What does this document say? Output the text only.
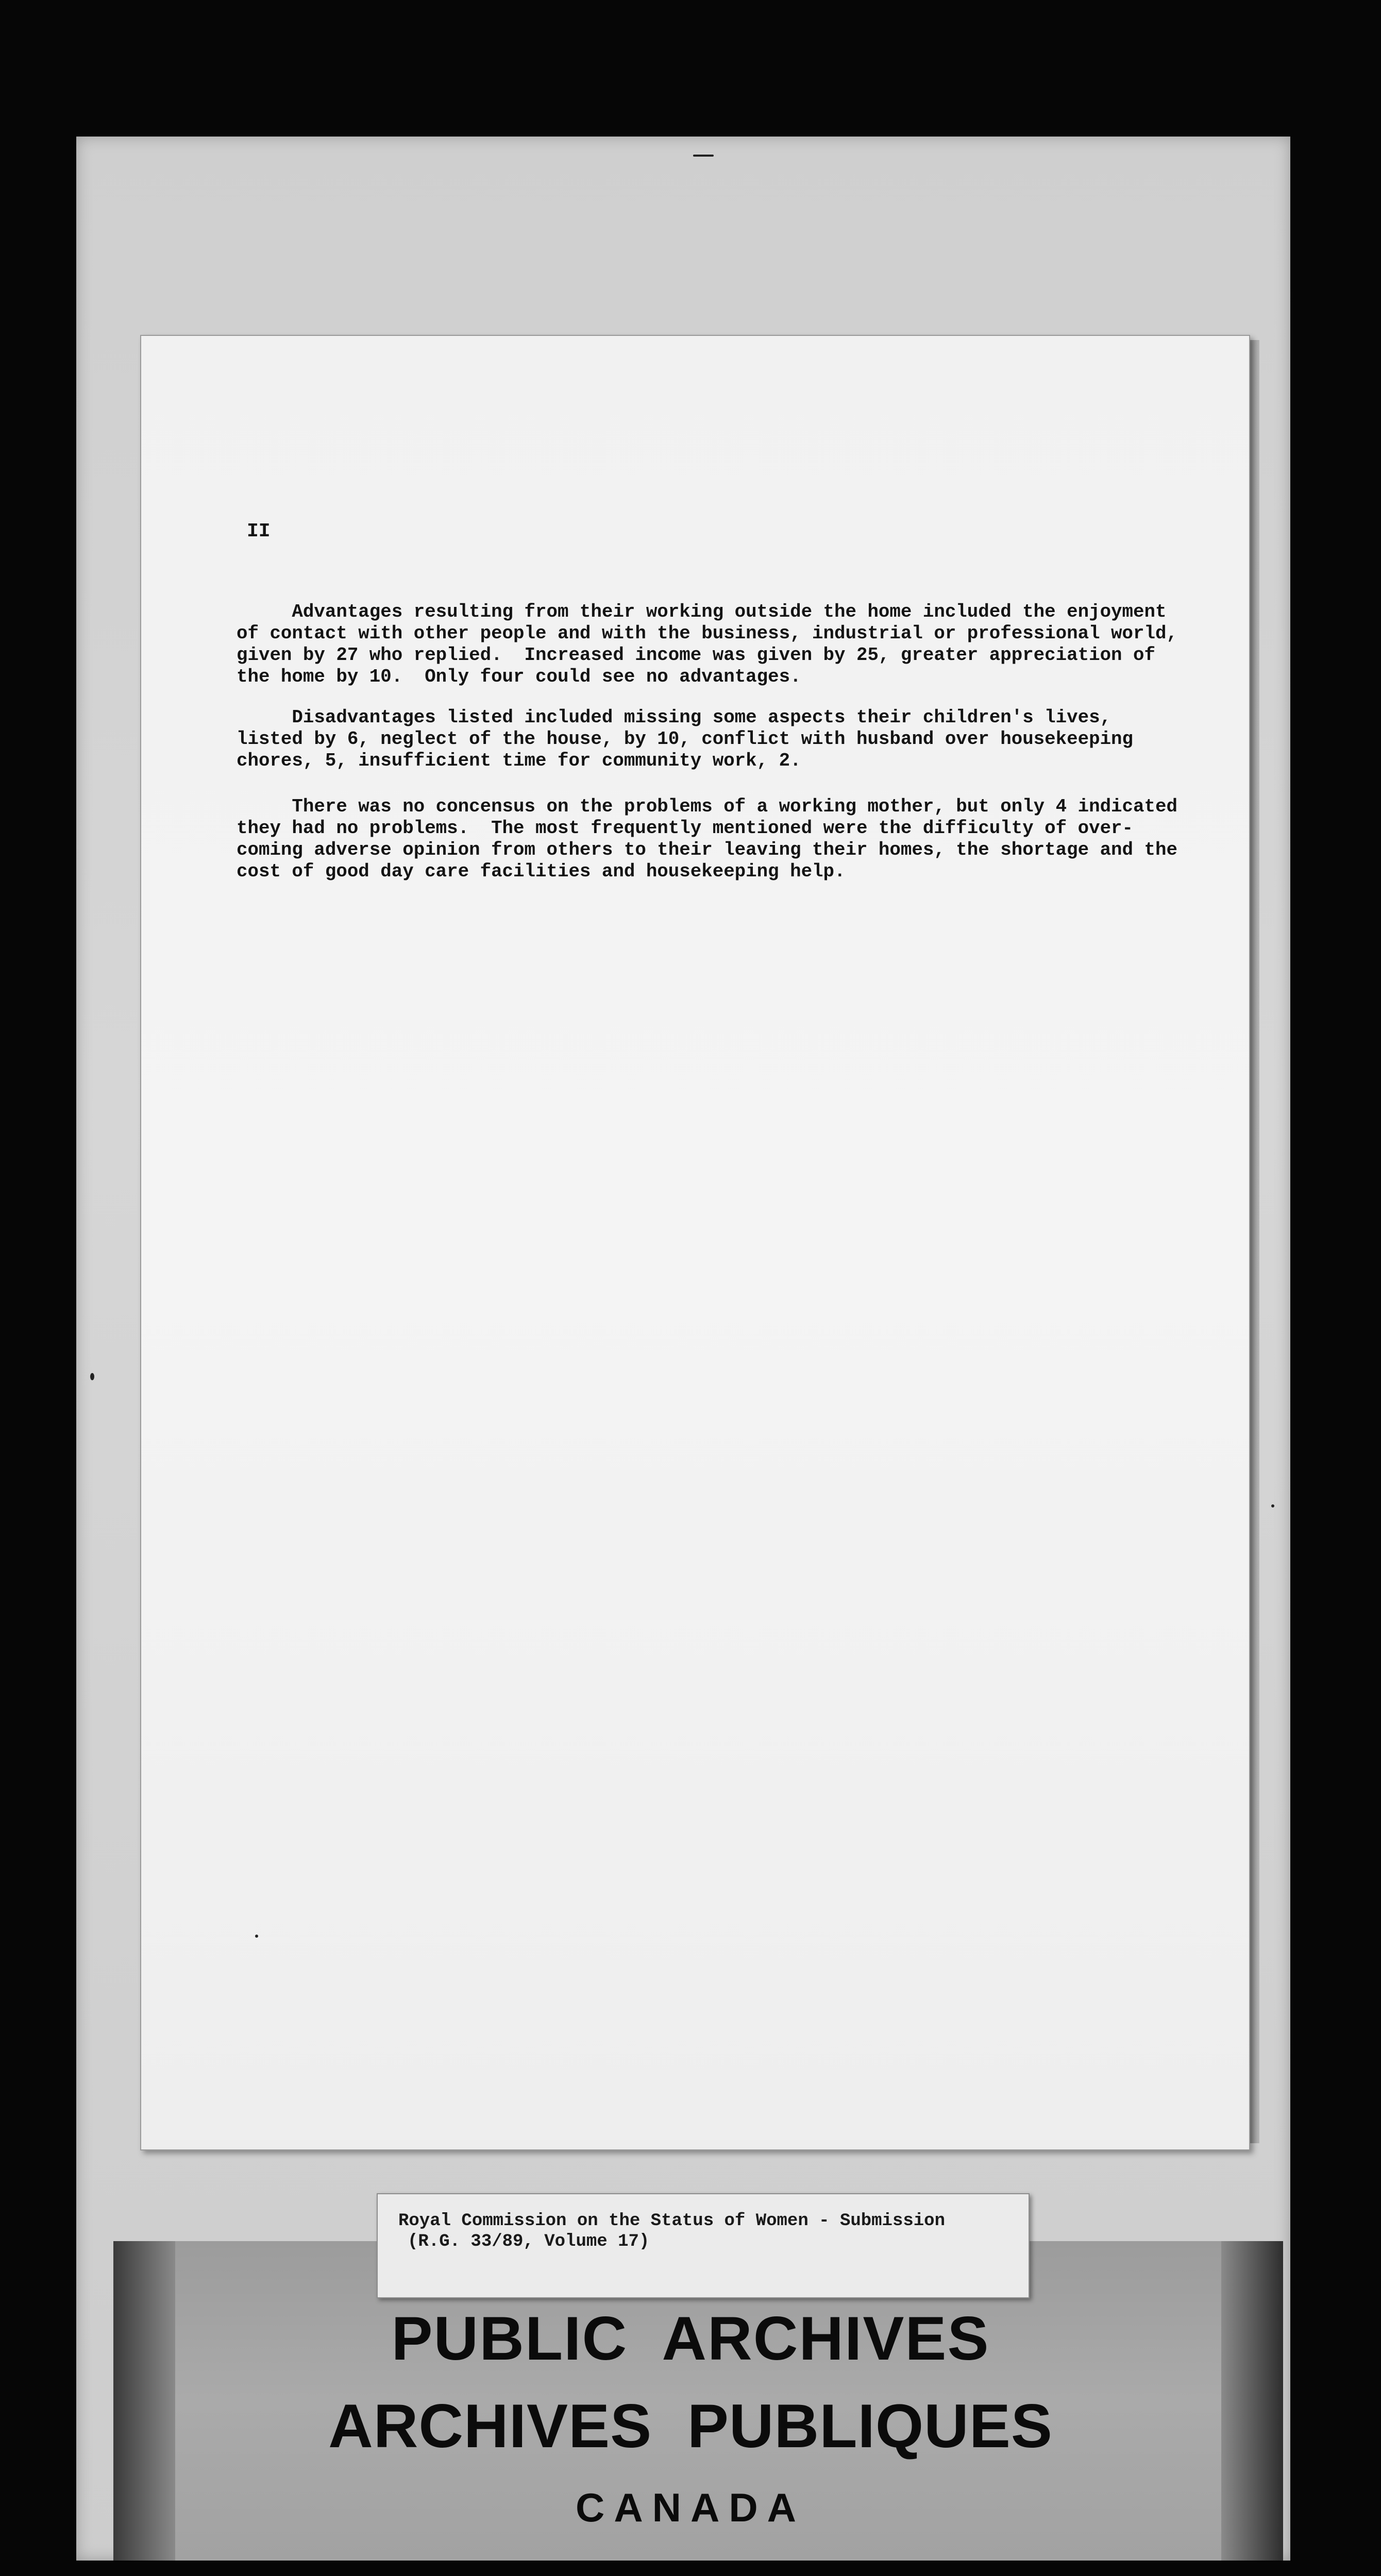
II
Advantages resulting from their working outside the home included the enjoyment
of contact with other people and with the business, industrial or professional world,
given by 27 who replied.  Increased income was given by 25, greater appreciation of
the home by 10.  Only four could see no advantages.
Disadvantages listed included missing some aspects their children's lives,
listed by 6, neglect of the house, by 10, conflict with husband over housekeeping
chores, 5, insufficient time for community work, 2.
There was no concensus on the problems of a working mother, but only 4 indicated
they had no problems.  The most frequently mentioned were the difficulty of over-
coming adverse opinion from others to their leaving their homes, the shortage and the
cost of good day care facilities and housekeeping help.
Royal Commission on the Status of Women - Submission
(R.G. 33/89, Volume 17)
PUBLIC  ARCHIVES
ARCHIVES  PUBLIQUES
CANADA
